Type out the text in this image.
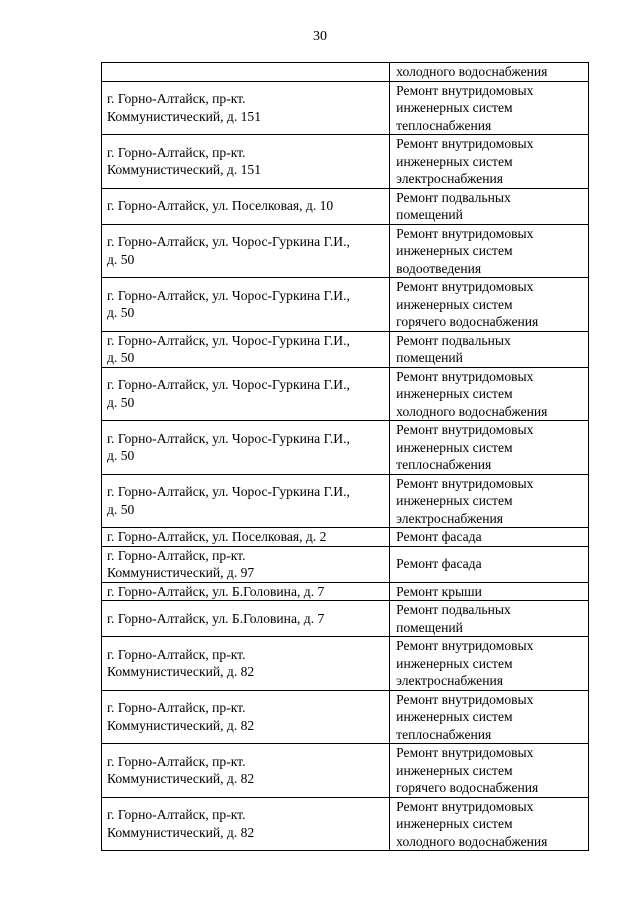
30
	холодного водоснабжения
г. Горно-Алтайск, пр-кт.
Коммунистический, д. 151	Ремонт внутридомовых
инженерных систем
теплоснабжения
г. Горно-Алтайск, пр-кт.
Коммунистический, д. 151	Ремонт внутридомовых
инженерных систем
электроснабжения
г. Горно-Алтайск, ул. Поселковая, д. 10	Ремонт подвальных
помещений
г. Горно-Алтайск, ул. Чорос-Гуркина Г.И.,
д. 50	Ремонт внутридомовых
инженерных систем
водоотведения
г. Горно-Алтайск, ул. Чорос-Гуркина Г.И.,
д. 50	Ремонт внутридомовых
инженерных систем
горячего водоснабжения
г. Горно-Алтайск, ул. Чорос-Гуркина Г.И.,
д. 50	Ремонт подвальных
помещений
г. Горно-Алтайск, ул. Чорос-Гуркина Г.И.,
д. 50	Ремонт внутридомовых
инженерных систем
холодного водоснабжения
г. Горно-Алтайск, ул. Чорос-Гуркина Г.И.,
д. 50	Ремонт внутридомовых
инженерных систем
теплоснабжения
г. Горно-Алтайск, ул. Чорос-Гуркина Г.И.,
д. 50	Ремонт внутридомовых
инженерных систем
электроснабжения
г. Горно-Алтайск, ул. Поселковая, д. 2	Ремонт фасада
г. Горно-Алтайск, пр-кт.
Коммунистический, д. 97	Ремонт фасада
г. Горно-Алтайск, ул. Б.Головина, д. 7	Ремонт крыши
г. Горно-Алтайск, ул. Б.Головина, д. 7	Ремонт подвальных
помещений
г. Горно-Алтайск, пр-кт.
Коммунистический, д. 82	Ремонт внутридомовых
инженерных систем
электроснабжения
г. Горно-Алтайск, пр-кт.
Коммунистический, д. 82	Ремонт внутридомовых
инженерных систем
теплоснабжения
г. Горно-Алтайск, пр-кт.
Коммунистический, д. 82	Ремонт внутридомовых
инженерных систем
горячего водоснабжения
г. Горно-Алтайск, пр-кт.
Коммунистический, д. 82	Ремонт внутридомовых
инженерных систем
холодного водоснабжения
